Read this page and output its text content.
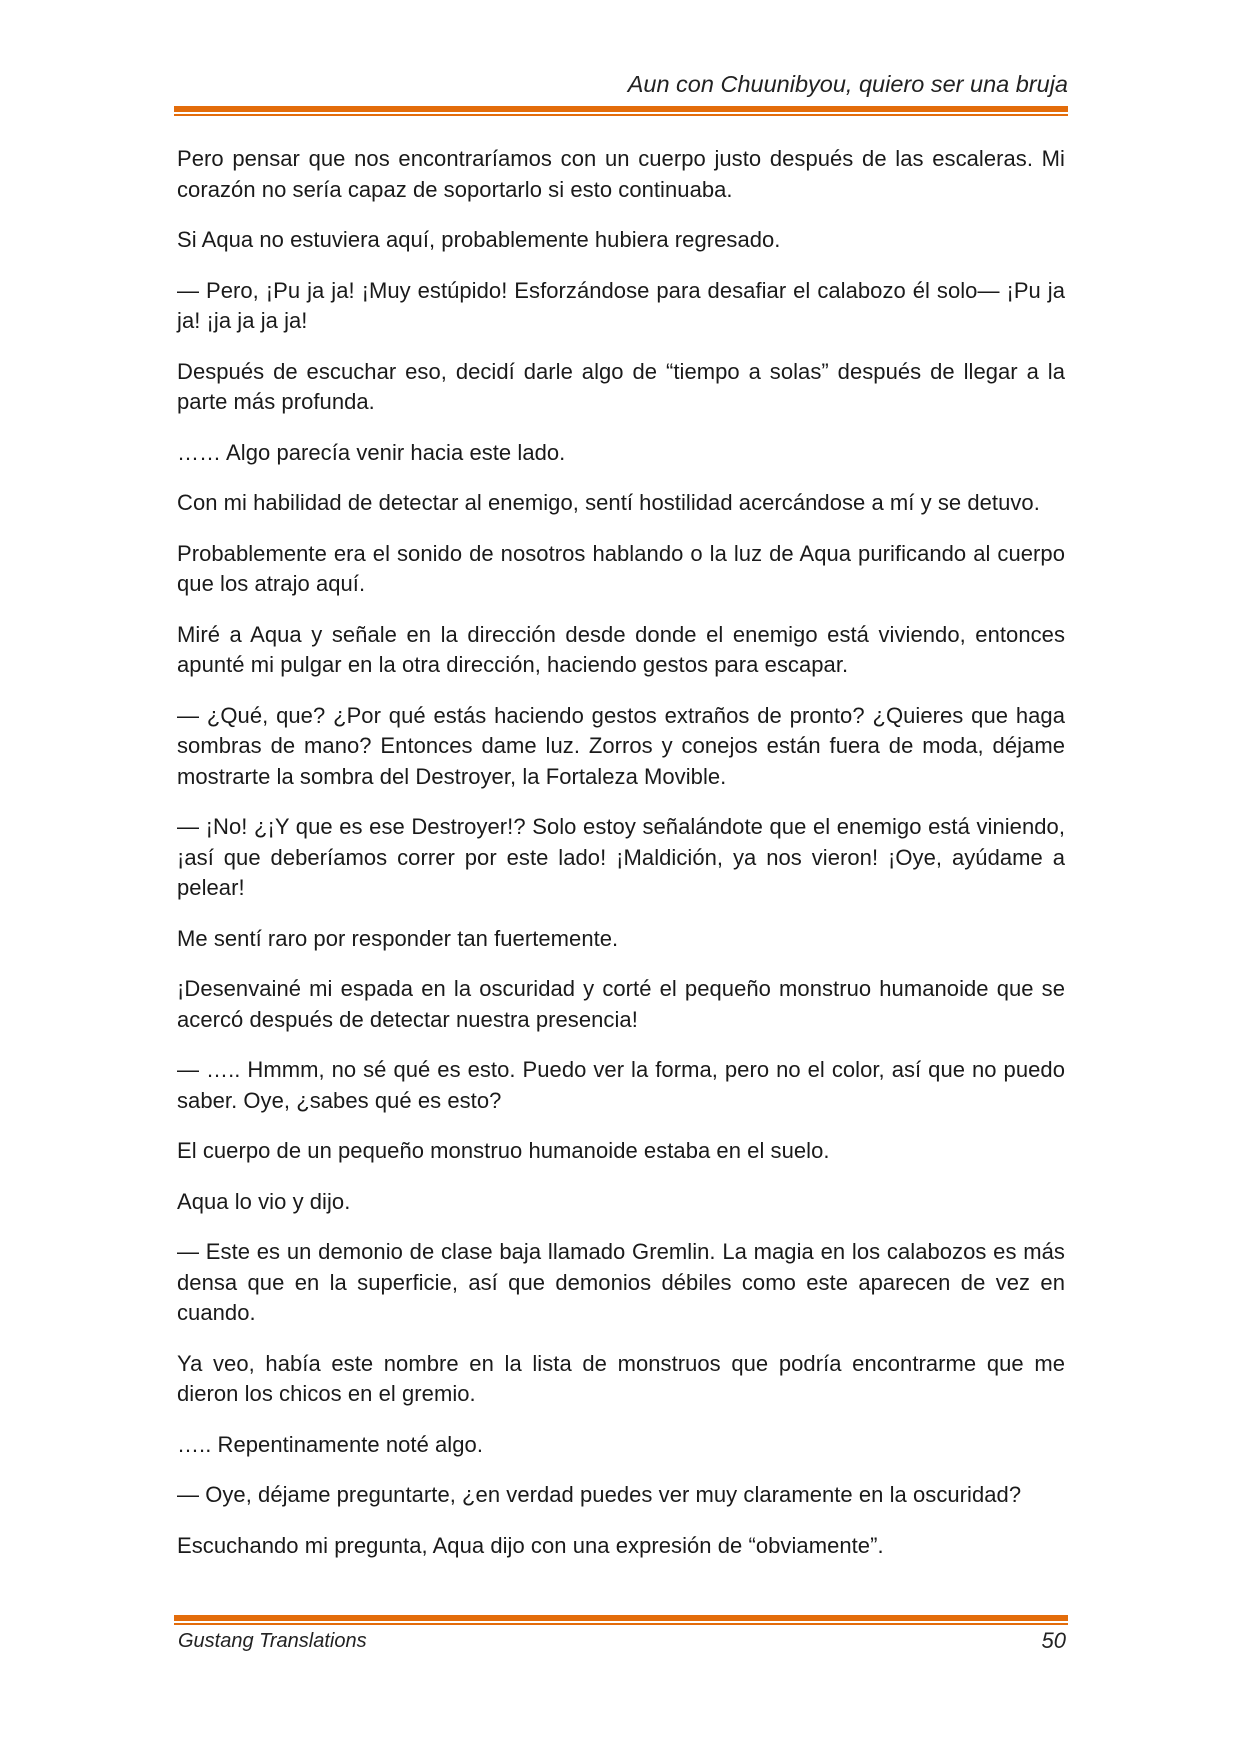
Aun con Chuunibyou, quiero ser una bruja

Pero pensar que nos encontraríamos con un cuerpo justo después de las escaleras. Mi corazón no sería capaz de soportarlo si esto continuaba.

Si Aqua no estuviera aquí, probablemente hubiera regresado.

— Pero, ¡Pu ja ja! ¡Muy estúpido! Esforzándose para desafiar el calabozo él solo— ¡Pu ja ja! ¡ja ja ja ja!

Después de escuchar eso, decidí darle algo de “tiempo a solas” después de llegar a la parte más profunda.

…… Algo parecía venir hacia este lado.

Con mi habilidad de detectar al enemigo, sentí hostilidad acercándose a mí y se detuvo.

Probablemente era el sonido de nosotros hablando o la luz de Aqua purificando al cuerpo que los atrajo aquí.

Miré a Aqua y señale en la dirección desde donde el enemigo está viviendo, entonces apunté mi pulgar en la otra dirección, haciendo gestos para escapar.

— ¿Qué, que? ¿Por qué estás haciendo gestos extraños de pronto? ¿Quieres que haga sombras de mano? Entonces dame luz. Zorros y conejos están fuera de moda, déjame mostrarte la sombra del Destroyer, la Fortaleza Movible.

— ¡No! ¿¡Y que es ese Destroyer!? Solo estoy señalándote que el enemigo está viniendo, ¡así que deberíamos correr por este lado! ¡Maldición, ya nos vieron! ¡Oye, ayúdame a pelear!

Me sentí raro por responder tan fuertemente.

¡Desenvainé mi espada en la oscuridad y corté el pequeño monstruo humanoide que se acercó después de detectar nuestra presencia!

— ….. Hmmm, no sé qué es esto. Puedo ver la forma, pero no el color, así que no puedo saber. Oye, ¿sabes qué es esto?

El cuerpo de un pequeño monstruo humanoide estaba en el suelo.

Aqua lo vio y dijo.

— Este es un demonio de clase baja llamado Gremlin. La magia en los calabozos es más densa que en la superficie, así que demonios débiles como este aparecen de vez en cuando.

Ya veo, había este nombre en la lista de monstruos que podría encontrarme que me dieron los chicos en el gremio.

….. Repentinamente noté algo.

— Oye, déjame preguntarte, ¿en verdad puedes ver muy claramente en la oscuridad?

Escuchando mi pregunta, Aqua dijo con una expresión de “obviamente”.

Gustang Translations	50
